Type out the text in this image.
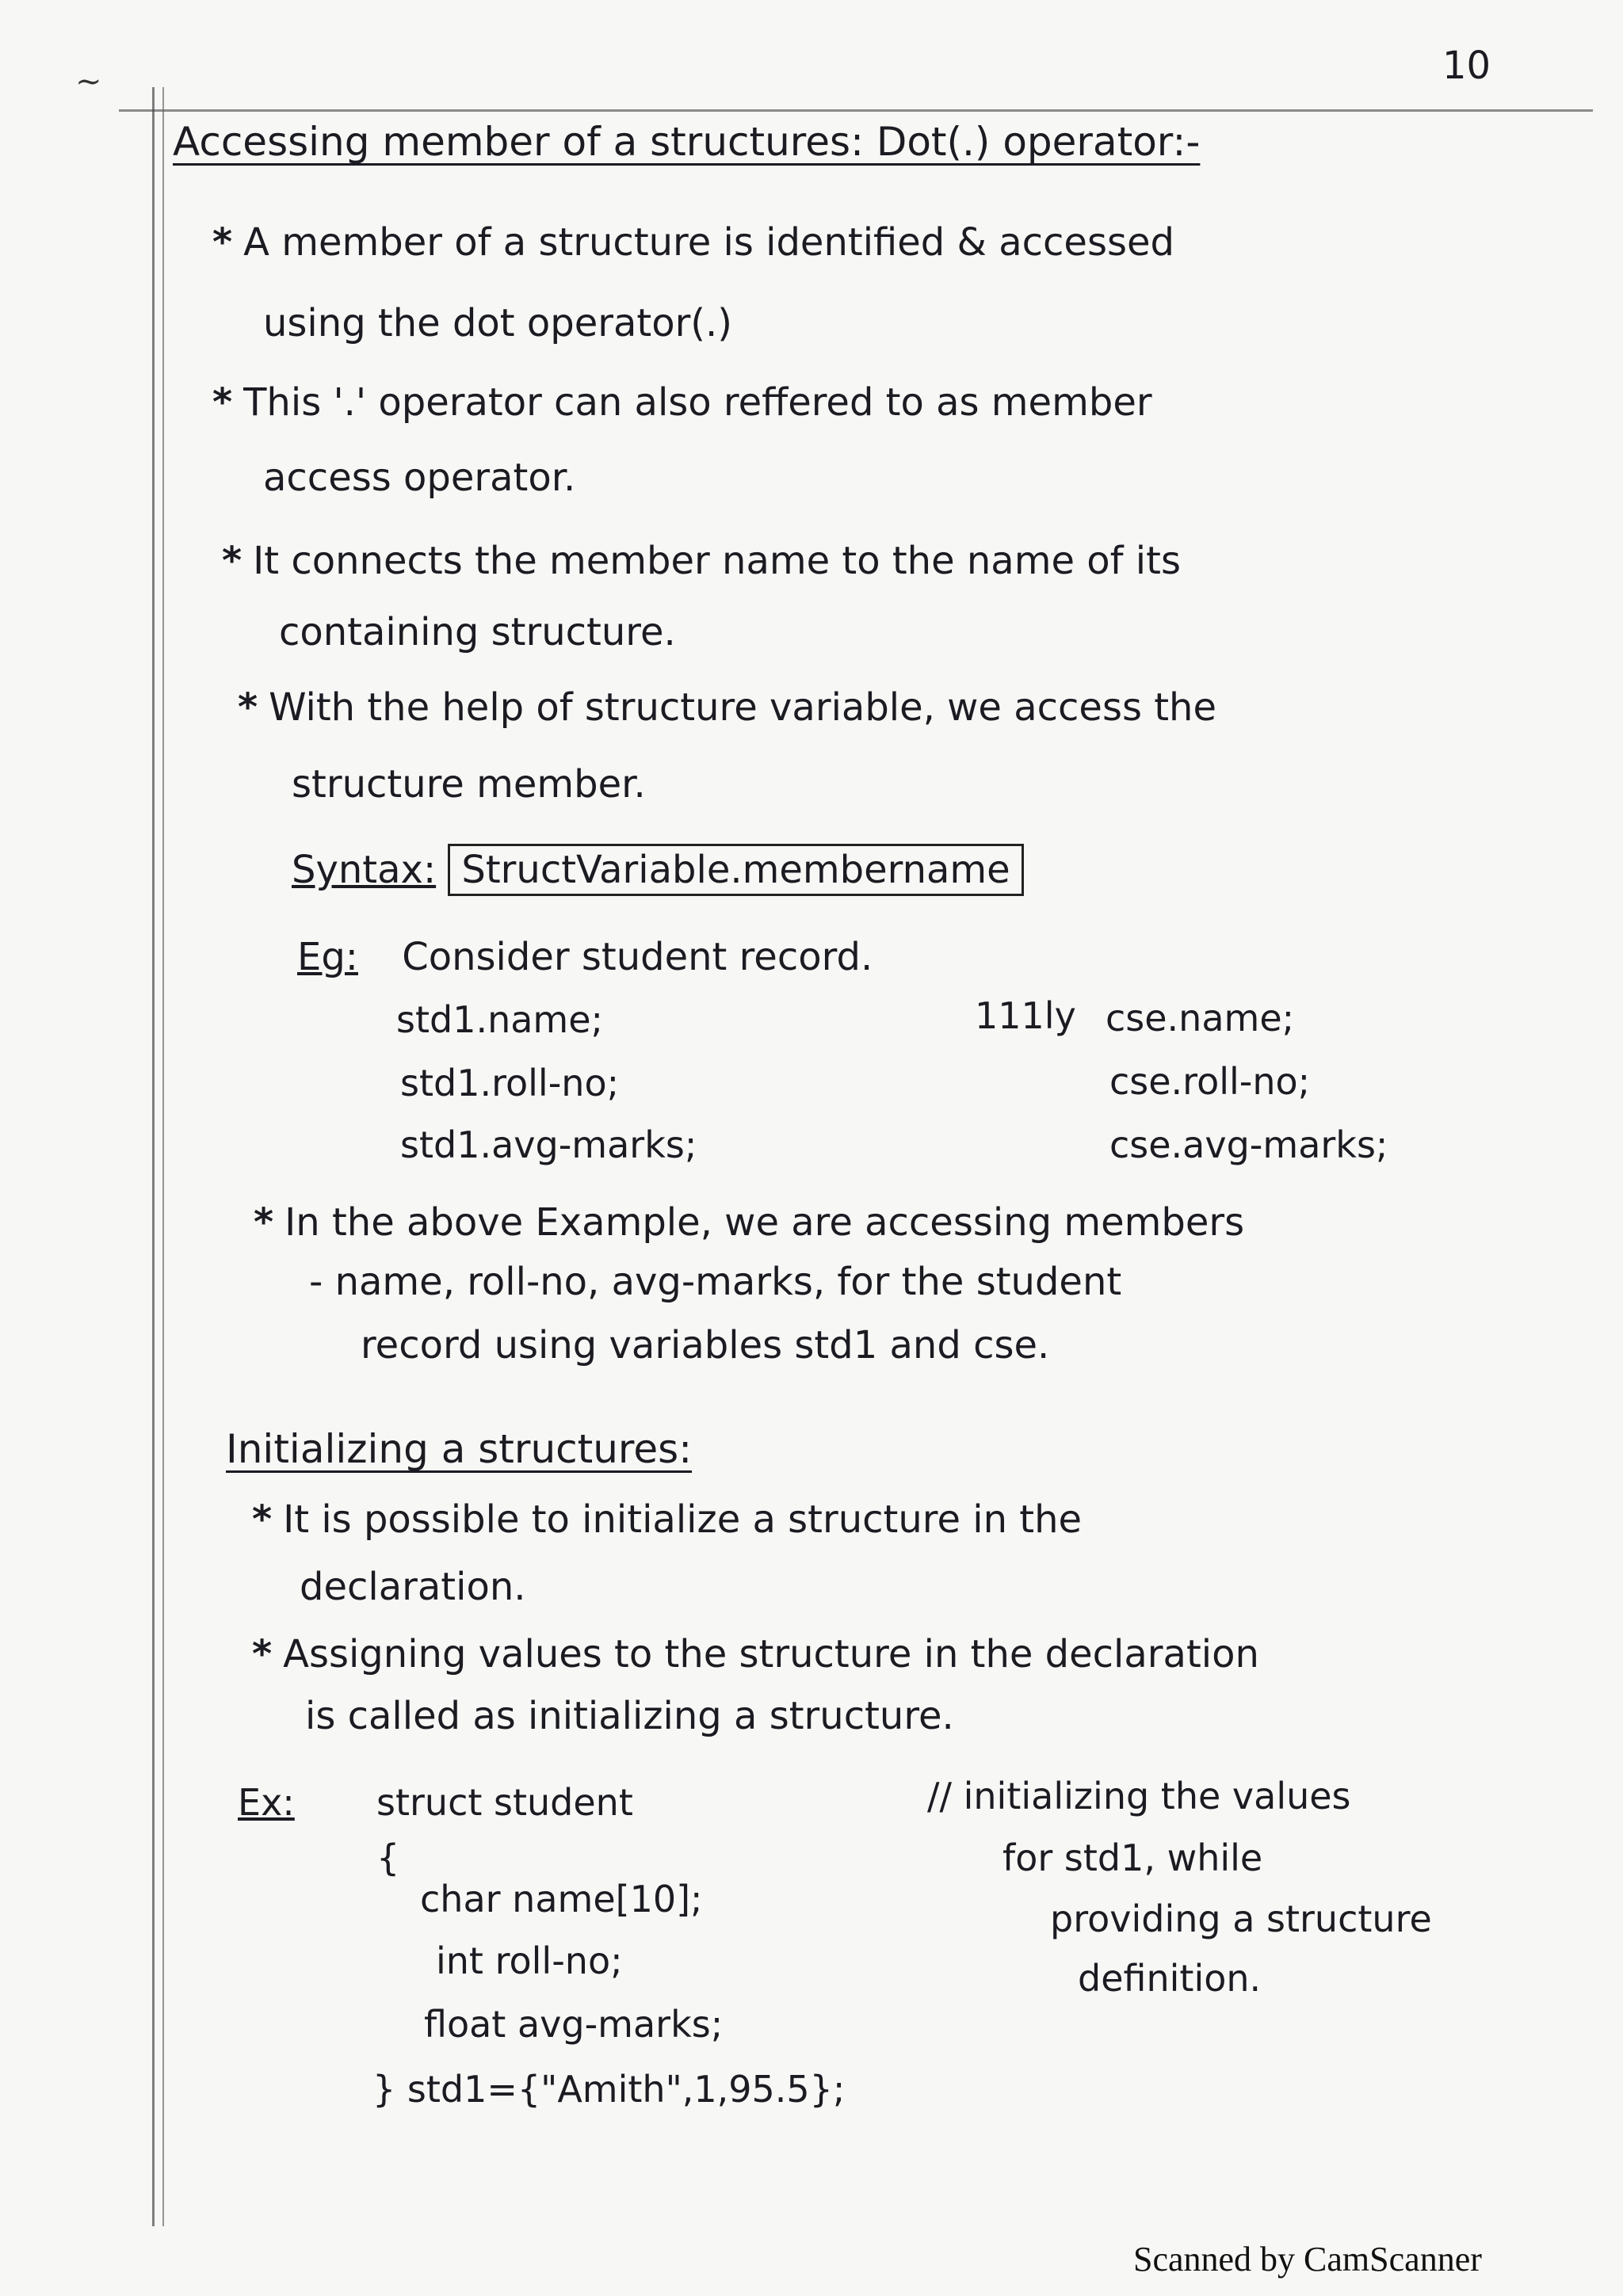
~	10
Accessing member of a structures: Dot(.) operator:-
* A member of a structure is identified & accessed
using the dot operator(.)
* This '.' operator can also reffered to as member
access operator.
* It connects the member name to the name of its
containing structure.
* With the help of structure variable, we access the
structure member.
Syntax: StructVariable.membername
Eg: Consider student record.
std1.name;
std1.roll-no;
std1.avg-marks;
111ly cse.name;
cse.roll-no;
cse.avg-marks;
* In the above Example, we are accessing members
- name, roll-no, avg-marks, for the student
record using variables std1 and cse.
Initializing a structures:
* It is possible to initialize a structure in the
declaration.
* Assigning values to the structure in the declaration
is called as initializing a structure.
Ex: struct student
{
char name[10];
int roll-no;
float avg-marks;
} std1={"Amith",1,95.5};
// initializing the values
for std1, while
providing a structure
definition.
Scanned by CamScanner
